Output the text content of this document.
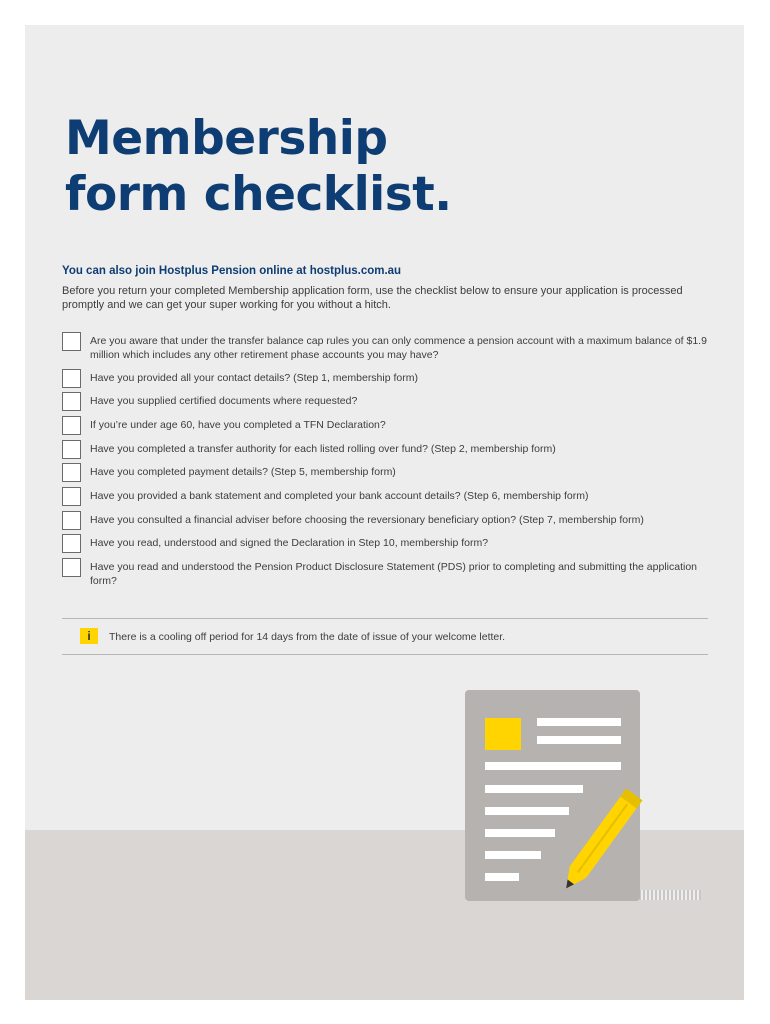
Membership
form checklist.
You can also join Hostplus Pension online at hostplus.com.au
Before you return your completed Membership application form, use the checklist below to ensure your application is processed promptly and we can get your super working for you without a hitch.
Are you aware that under the transfer balance cap rules you can only commence a pension account with a maximum balance of $1.9 million which includes any other retirement phase accounts you may have?
Have you provided all your contact details? (Step 1, membership form)
Have you supplied certified documents where requested?
If you’re under age 60, have you completed a TFN Declaration?
Have you completed a transfer authority for each listed rolling over fund? (Step 2, membership form)
Have you completed payment details? (Step 5, membership form)
Have you provided a bank statement and completed your bank account details? (Step 6, membership form)
Have you consulted a financial adviser before choosing the reversionary beneficiary option? (Step 7, membership form)
Have you read, understood and signed the Declaration in Step 10, membership form?
Have you read and understood the Pension Product Disclosure Statement (PDS) prior to completing and submitting the application form?
i	There is a cooling off period for 14 days from the date of issue of your welcome letter.
